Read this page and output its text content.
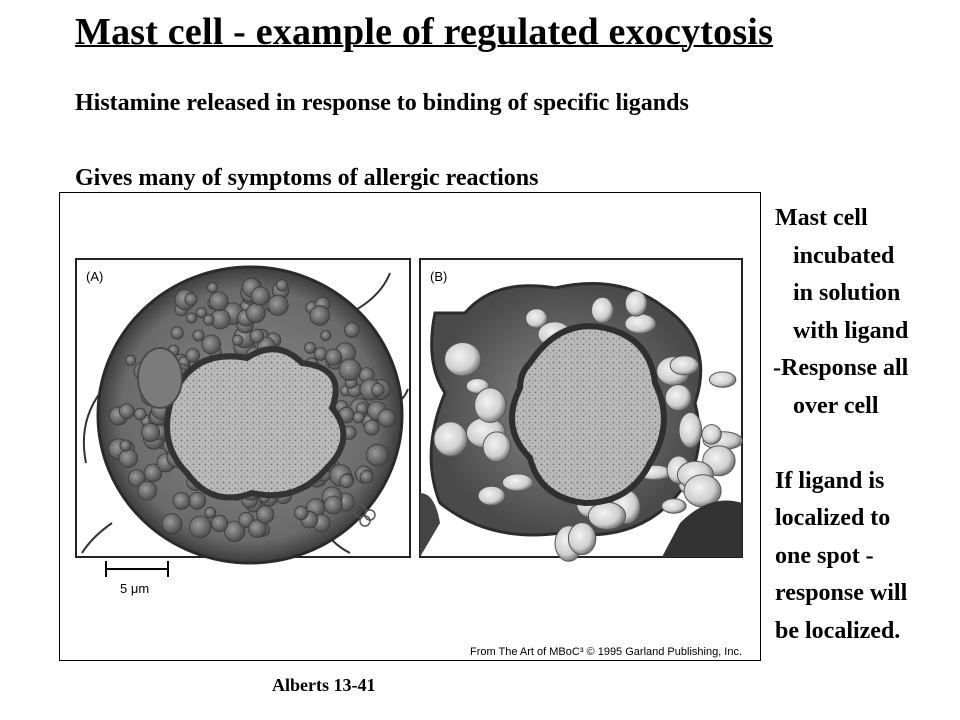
Mast cell - example of regulated exocytosis
Histamine released in response to binding of specific ligands
Gives many of symptoms of allergic reactions
Mast cell
incubated
in solution
with ligand
-Response all
over cell

If ligand is
localized to
one spot -
response will
be localized.
(A)
5 μm
(B)
From The Art of MBoC³ © 1995 Garland Publishing, Inc.
Alberts 13-41
